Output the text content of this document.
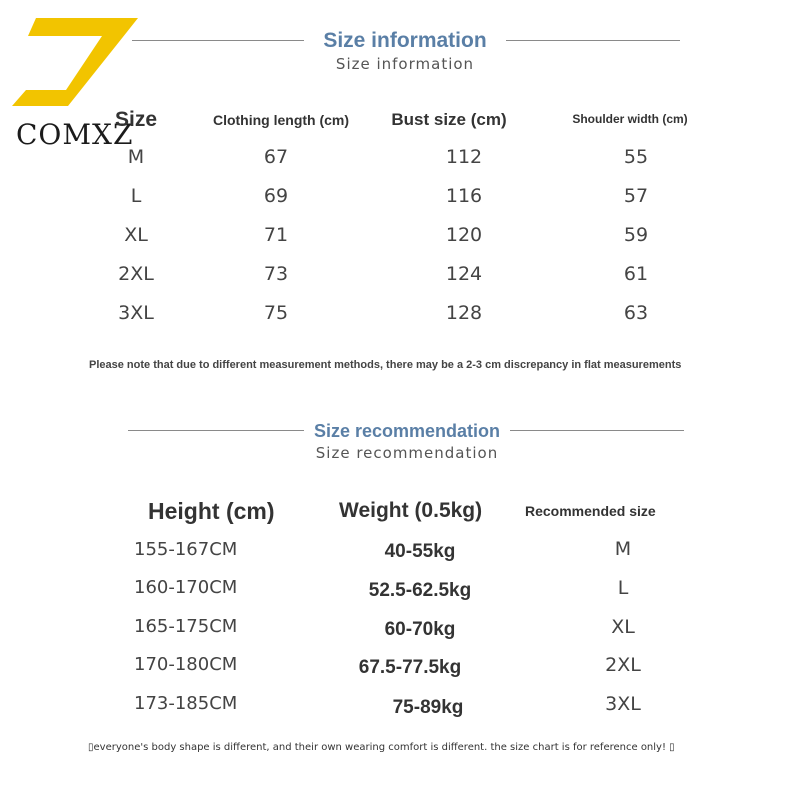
COMXZ
Size information
Size information
Size	Clothing length (cm)	Bust size (cm)	Shoulder width (cm)
M	67	112	55
L	69	116	57
XL	71	120	59
2XL	73	124	61
3XL	75	128	63
Please note that due to different measurement methods, there may be a 2-3 cm discrepancy in flat measurements
Size recommendation
Size recommendation
Height (cm)	Weight (0.5kg)	Recommended size
155-167CM	40-55kg	M
160-170CM	52.5-62.5kg	L
165-175CM	60-70kg	XL
170-180CM	67.5-77.5kg	2XL
173-185CM	75-89kg	3XL
▯everyone's body shape is different, and their own wearing comfort is different. the size chart is for reference only! ▯
